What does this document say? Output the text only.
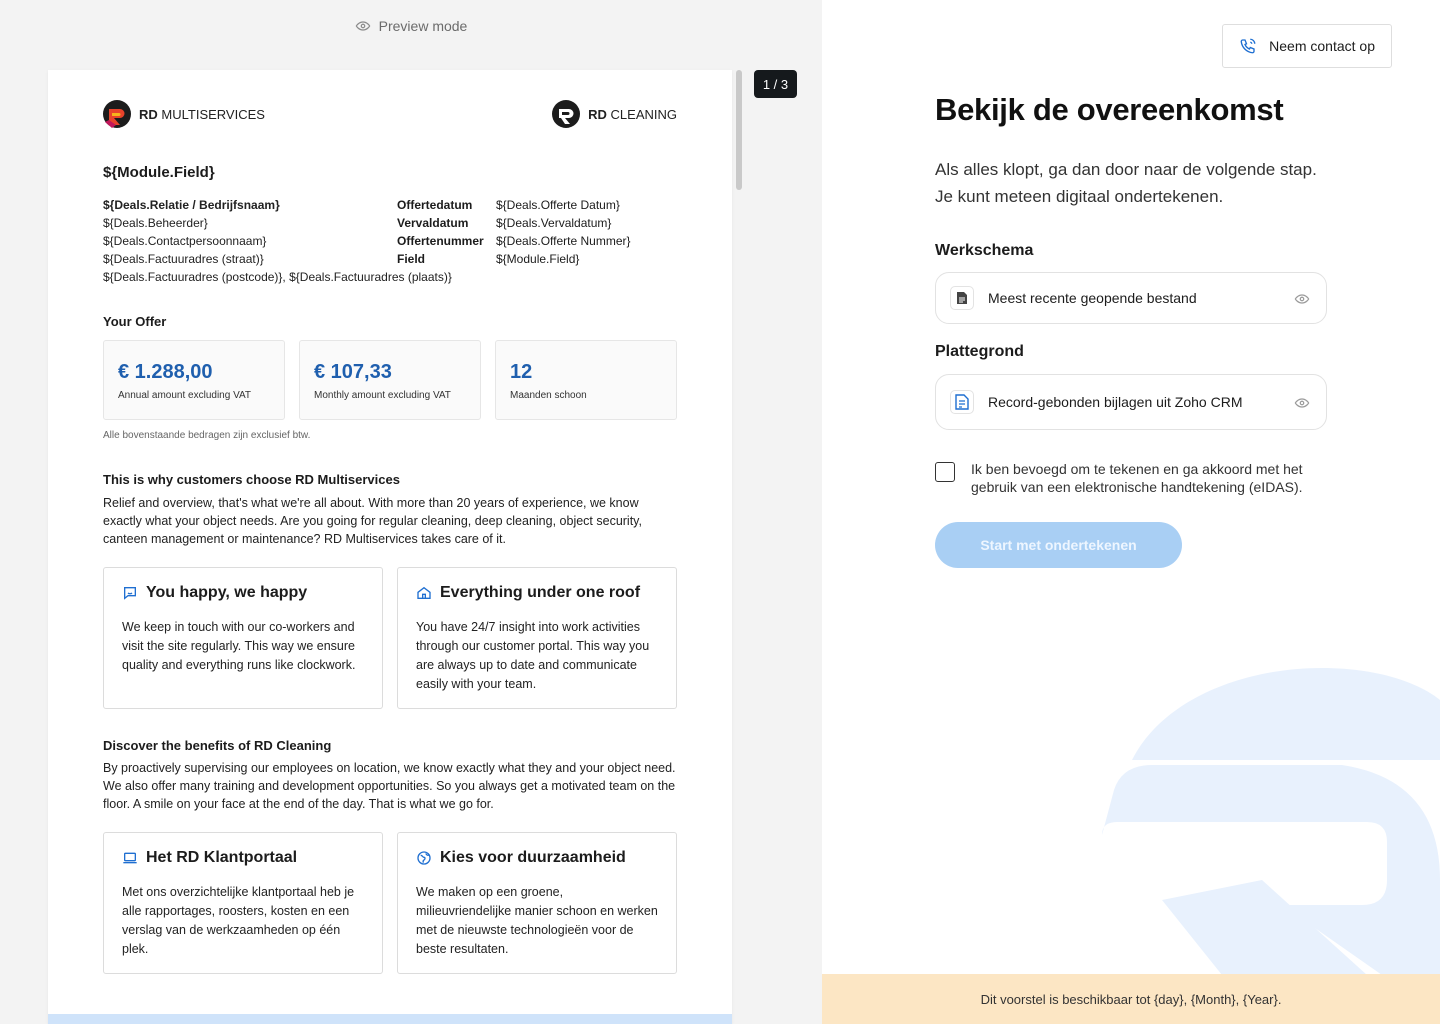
Preview mode
RD MULTISERVICES	RD CLEANING
${Module.Field}
${Deals.Relatie / Bedrijfsnaam}
${Deals.Beheerder}
${Deals.Contactpersoonnaam}
${Deals.Factuuradres (straat)}
${Deals.Factuuradres (postcode)}, ${Deals.Factuuradres (plaats)}
Offertedatum	${Deals.Offerte Datum}
Vervaldatum	${Deals.Vervaldatum}
Offertenummer	${Deals.Offerte Nummer}
Field	${Module.Field}
Your Offer
€ 1.288,00
Annual amount excluding VAT
€ 107,33
Monthly amount excluding VAT
12
Maanden schoon
Alle bovenstaande bedragen zijn exclusief btw.
This is why customers choose RD Multiservices
Relief and overview, that's what we're all about. With more than 20 years of experience, we know exactly what your object needs. Are you going for regular cleaning, deep cleaning, object security, canteen management or maintenance? RD Multiservices takes care of it.
You happy, we happy
We keep in touch with our co-workers and visit the site regularly. This way we ensure quality and everything runs like clockwork.
Everything under one roof
You have 24/7 insight into work activities through our customer portal. This way you are always up to date and communicate easily with your team.
Discover the benefits of RD Cleaning
By proactively supervising our employees on location, we know exactly what they and your object need. We also offer many training and development opportunities. So you always get a motivated team on the floor. A smile on your face at the end of the day. That is what we go for.
Het RD Klantportaal
Met ons overzichtelijke klantportaal heb je alle rapportages, roosters, kosten en een verslag van de werkzaamheden op één plek.
Kies voor duurzaamheid
We maken op een groene, milieuvriendelijke manier schoon en werken met de nieuwste technologieën voor de beste resultaten.
1 / 3
Neem contact op
Bekijk de overeenkomst

Als alles klopt, ga dan door naar de volgende stap. Je kunt meteen digitaal ondertekenen.

Werkschema
Meest recente geopende bestand
Plattegrond
Record-gebonden bijlagen uit Zoho CRM
Ik ben bevoegd om te tekenen en ga akkoord met het gebruik van een elektronische handtekening (eIDAS).
Start met ondertekenen
Dit voorstel is beschikbaar tot {day}, {Month}, {Year}.
